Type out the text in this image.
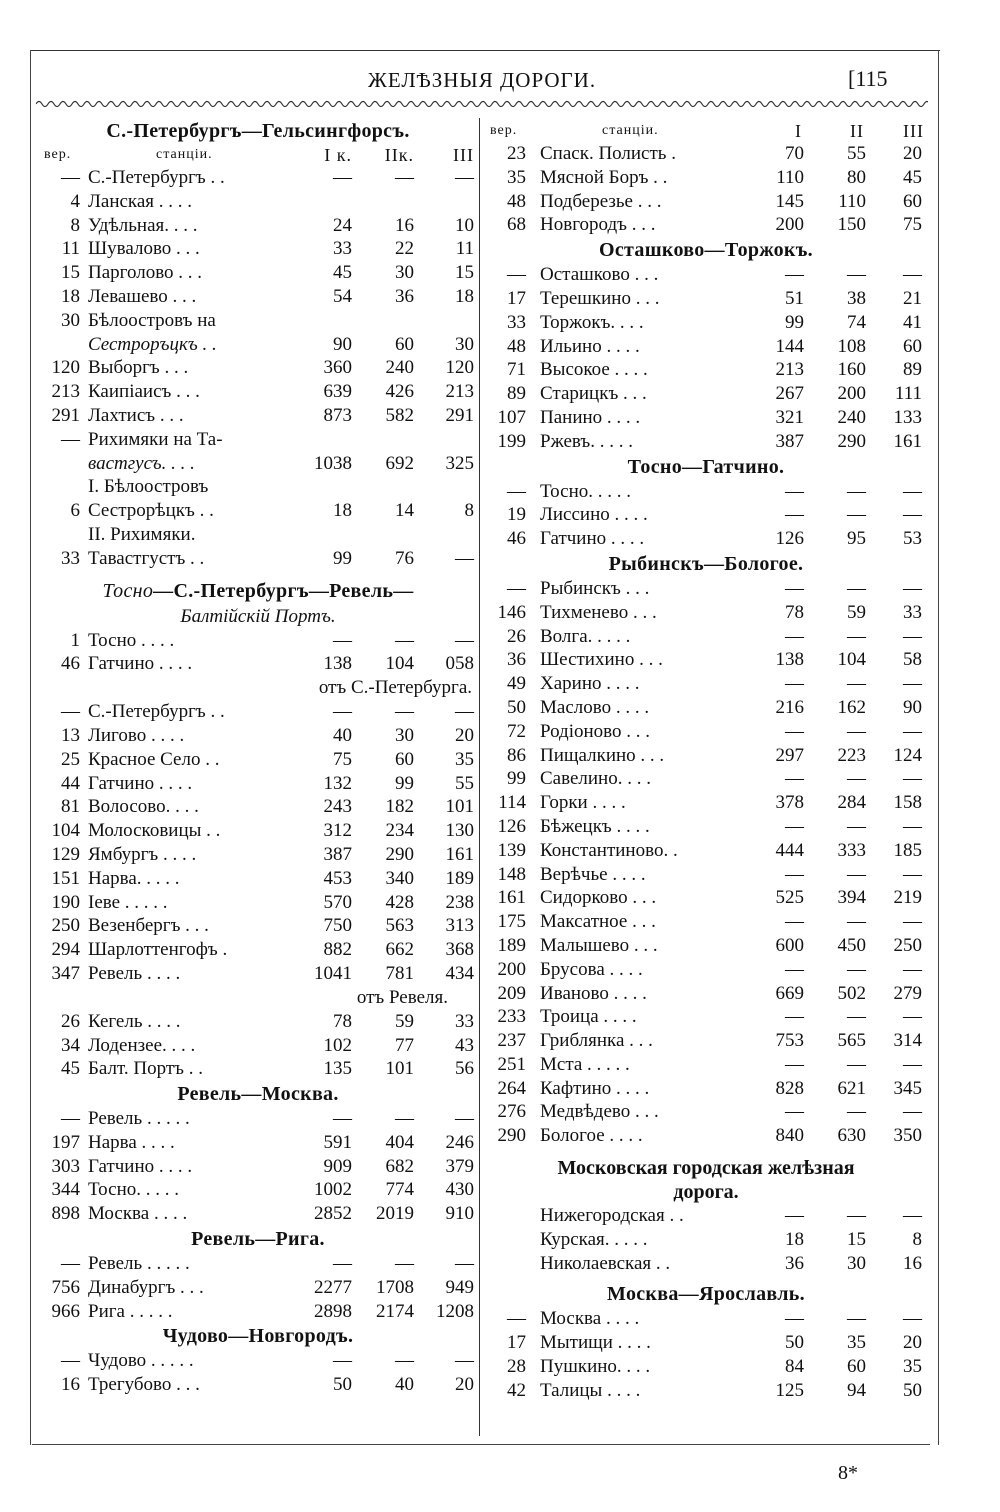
ЖЕЛѢЗНЫЯ ДОРОГИ.	[115
С.-Петербургъ—Гельсингфорсъ.
вер.	станціи.	I к. IIк. III
— С.-Петербургъ . .	— — —
4 Ланская . . . .
8 Удѣльная. . . .	24 16 10
11 Шувалово . . .	33 22 11
15 Парголово . . .	45 30 15
18 Левашево . . .	54 36 18
30 Бѣлоостровъ на
Сестроръцкъ . .	90 60 30
120 Выборгъ . . .	360 240 120
213 Каипіаисъ . . .	639 426 213
291 Лахтисъ . . .	873 582 291
— Рихимяки на Та-
вастгусъ. . . .	1038 692 325
I. Бѣлоостровъ
6 Сестрорѣцкъ . .	18 14	8
II. Рихимяки.
33 Тавастгустъ . .	99 76 —
Тосно—С.-Петербургъ—Ревель—
Балтійскій Портъ.
1 Тосно . . . .	— — —
46 Гатчино . . . .	138 104 058
отъ С.-Петербурга.
— С.-Петербургъ . .	— — —
13 Лигово . . . .	40 30 20
25 Красное Село . .	75 60 35
44 Гатчино . . . .	132 99 55
81 Волосово. . . .	243 182 101
104 Молосковицы . .	312 234 130
129 Ямбургъ . . . .	387 290 161
151 Нарва. . . . .	453 340 189
190 Іеве . . . . .	570 428 238
250 Везенбергъ . . .	750 563 313
294 Шарлоттенгофъ .	882 662 368
347 Ревель . . . .	1041 781 434
отъ Ревеля.
26 Кегель . . . .	78 59 33
34 Лодензее. . . .	102 77 43
45 Балт. Портъ . .	135 101 56
Ревель—Москва.
— Ревель . . . . .	— — —
197 Нарва . . . .	591 404 246
303 Гатчино . . . .	909 682 379
344 Тосно. . . . .	1002 774 430
898 Москва . . . .	2852 2019 910
Ревель—Рига.
— Ревель . . . . .	— — —
756 Динабургъ . . .	2277 1708 949
966 Рига . . . . .	2898 2174 1208
Чудово—Новгородъ.
— Чудово . . . . .	— — —
16 Трегубово . . .	50 40 20
вер.	станціи.	I	II III
23 Спаск. Полисть .	70 55 20
35 Мясной Боръ . .	110 80 45
48 Подберезье . . .	145 110 60
68 Новгородъ . . .	200 150 75
Осташково—Торжокъ.
— Осташково . . .	— — —
17 Терешкино . . .	51 38 21
33 Торжокъ. . . .	99 74 41
48 Ильино . . . .	144 108 60
71 Высокое . . . .	213 160 89
89 Старицкъ . . .	267 200 111
107 Панино . . . .	321 240 133
199 Ржевъ. . . . .	387 290 161
Тосно—Гатчино.
— Тосно. . . . .	— — —
19 Лиссино . . . .	— — —
46 Гатчино . . . .	126 95 53
Рыбинскъ—Бологое.
— Рыбинскъ . . .	— — —
146 Тихменево . . .	78 59 33
26 Волга. . . . .	— — —
36 Шестихино . . .	138 104 58
49 Харино . . . .	— — —
50 Маслово . . . .	216 162 90
72 Родіоново . . .	— — —
86 Пищалкино . . .	297 223 124
99 Савелино. . . .	— — —
114 Горки . . . .	378 284 158
126 Бѣжецкъ . . . .	— — —
139 Константиново. .	444 333 185
148 Верѣчье . . . .	— — —
161 Сидорково . . .	525 394 219
175 Максатное . . .	— — —
189 Малышево . . .	600 450 250
200 Брусова . . . .	— — —
209 Иваново . . . .	669 502 279
233 Троица . . . .	— — —
237 Гриблянка . . .	753 565 314
251 Мста . . . . .	— — —
264 Кафтино . . . .	828 621 345
276 Медвѣдево . . .	— — —
290 Бологое . . . .	840 630 350
Московская городская желѣзная
дорога.
Нижегородская . .	— — —
Курская. . . . .	18 15 8
Николаевская . .	36 30 16
Москва—Ярославль.
— Москва . . . .	— — —
17 Мытищи . . . .	50 35 20
28 Пушкино. . . .	84 60 35
42 Талицы . . . .	125 94 50
8*
